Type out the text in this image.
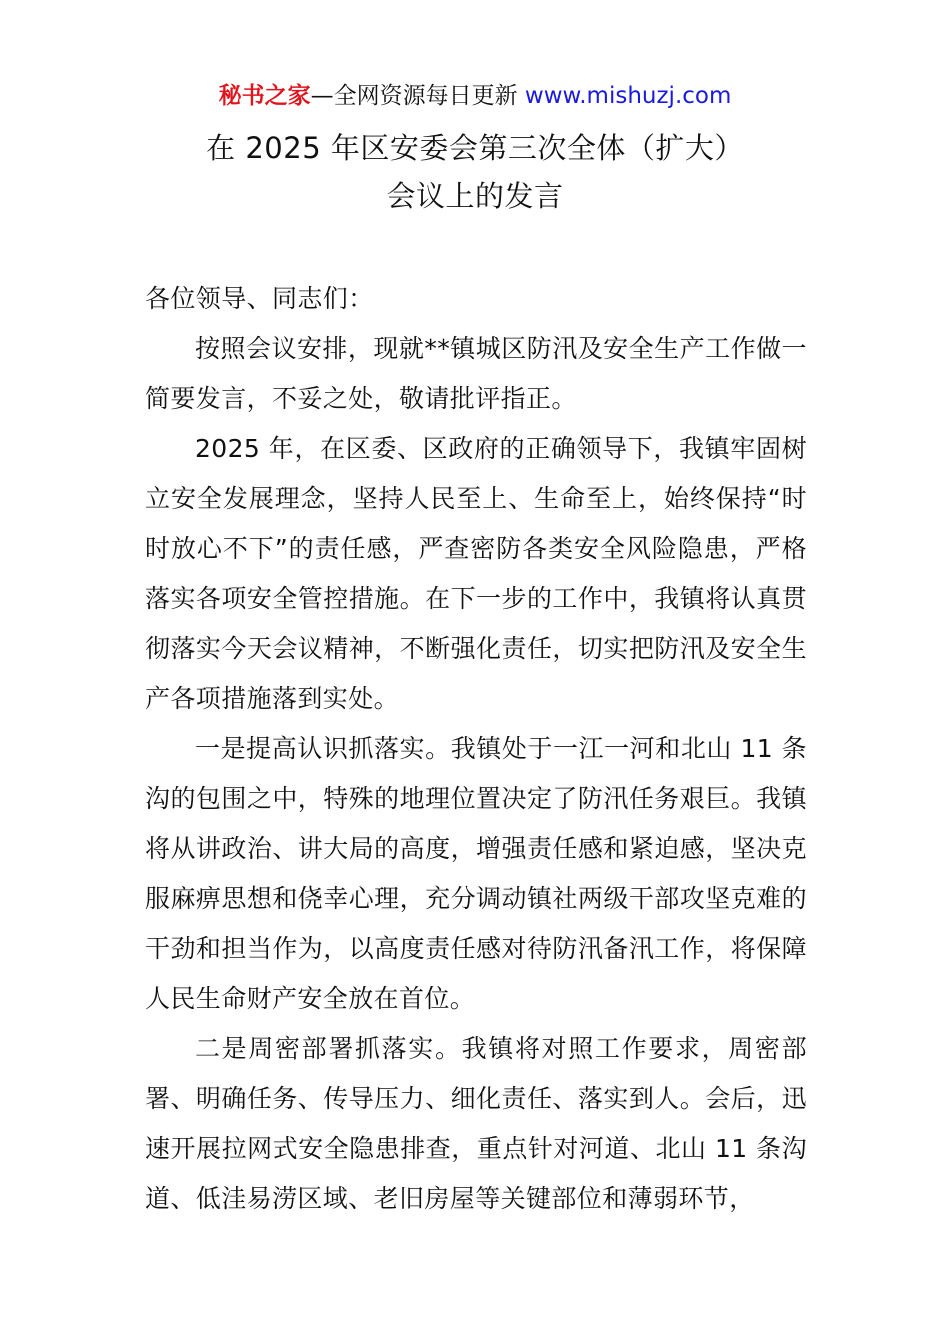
秘书之家—全网资源每日更新 www.mishuzj.com
在 2025 年区安委会第三次全体（扩大）
会议上的发言

各位领导、同志们：

按照会议安排，现就**镇城区防汛及安全生产工作做一简要发言，不妥之处，敬请批评指正。

2025 年，在区委、区政府的正确领导下，我镇牢固树立安全发展理念，坚持人民至上、生命至上，始终保持“时时放心不下”的责任感，严查密防各类安全风险隐患，严格落实各项安全管控措施。在下一步的工作中，我镇将认真贯彻落实今天会议精神，不断强化责任，切实把防汛及安全生产各项措施落到实处。

一是提高认识抓落实。我镇处于一江一河和北山 11 条沟的包围之中，特殊的地理位置决定了防汛任务艰巨。我镇将从讲政治、讲大局的高度，增强责任感和紧迫感，坚决克服麻痹思想和侥幸心理，充分调动镇社两级干部攻坚克难的干劲和担当作为，以高度责任感对待防汛备汛工作，将保障人民生命财产安全放在首位。

二是周密部署抓落实。我镇将对照工作要求，周密部署、明确任务、传导压力、细化责任、落实到人。会后，迅速开展拉网式安全隐患排查，重点针对河道、北山 11 条沟道、低洼易涝区域、老旧房屋等关键部位和薄弱环节，
